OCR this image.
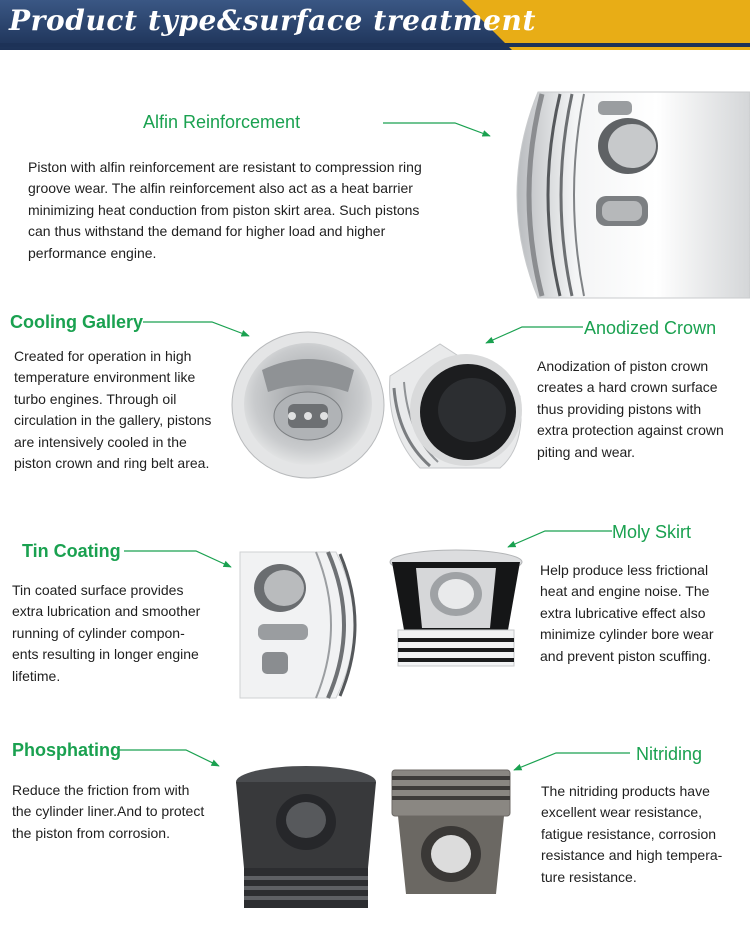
Product type&surface treatment
Alfin Reinforcement
Piston with alfin reinforcement are resistant to compression ring
groove wear. The alfin reinforcement also act as a heat barrier
minimizing heat conduction from piston skirt area. Such pistons
can thus withstand the demand for higher load and higher
performance engine.
Cooling Gallery
Created for operation in high
temperature environment like
turbo engines. Through oil
circulation in the gallery, pistons
are intensively cooled in the
piston crown and ring belt area.
Anodized Crown
Anodization of piston crown
creates a hard crown surface
thus providing pistons with
extra protection against crown
piting and wear.
Tin Coating
Tin coated surface provides
extra lubrication and smoother
running of cylinder compon-
ents resulting in longer engine
lifetime.
Moly Skirt
Help produce less frictional
heat and engine noise. The
extra lubricative effect also
minimize cylinder bore wear
and prevent piston scuffing.
Phosphating
Reduce the friction from with
the cylinder liner.And to protect
the piston from corrosion.
Nitriding
The nitriding products have
excellent wear resistance,
fatigue resistance, corrosion
resistance and high tempera-
ture resistance.
